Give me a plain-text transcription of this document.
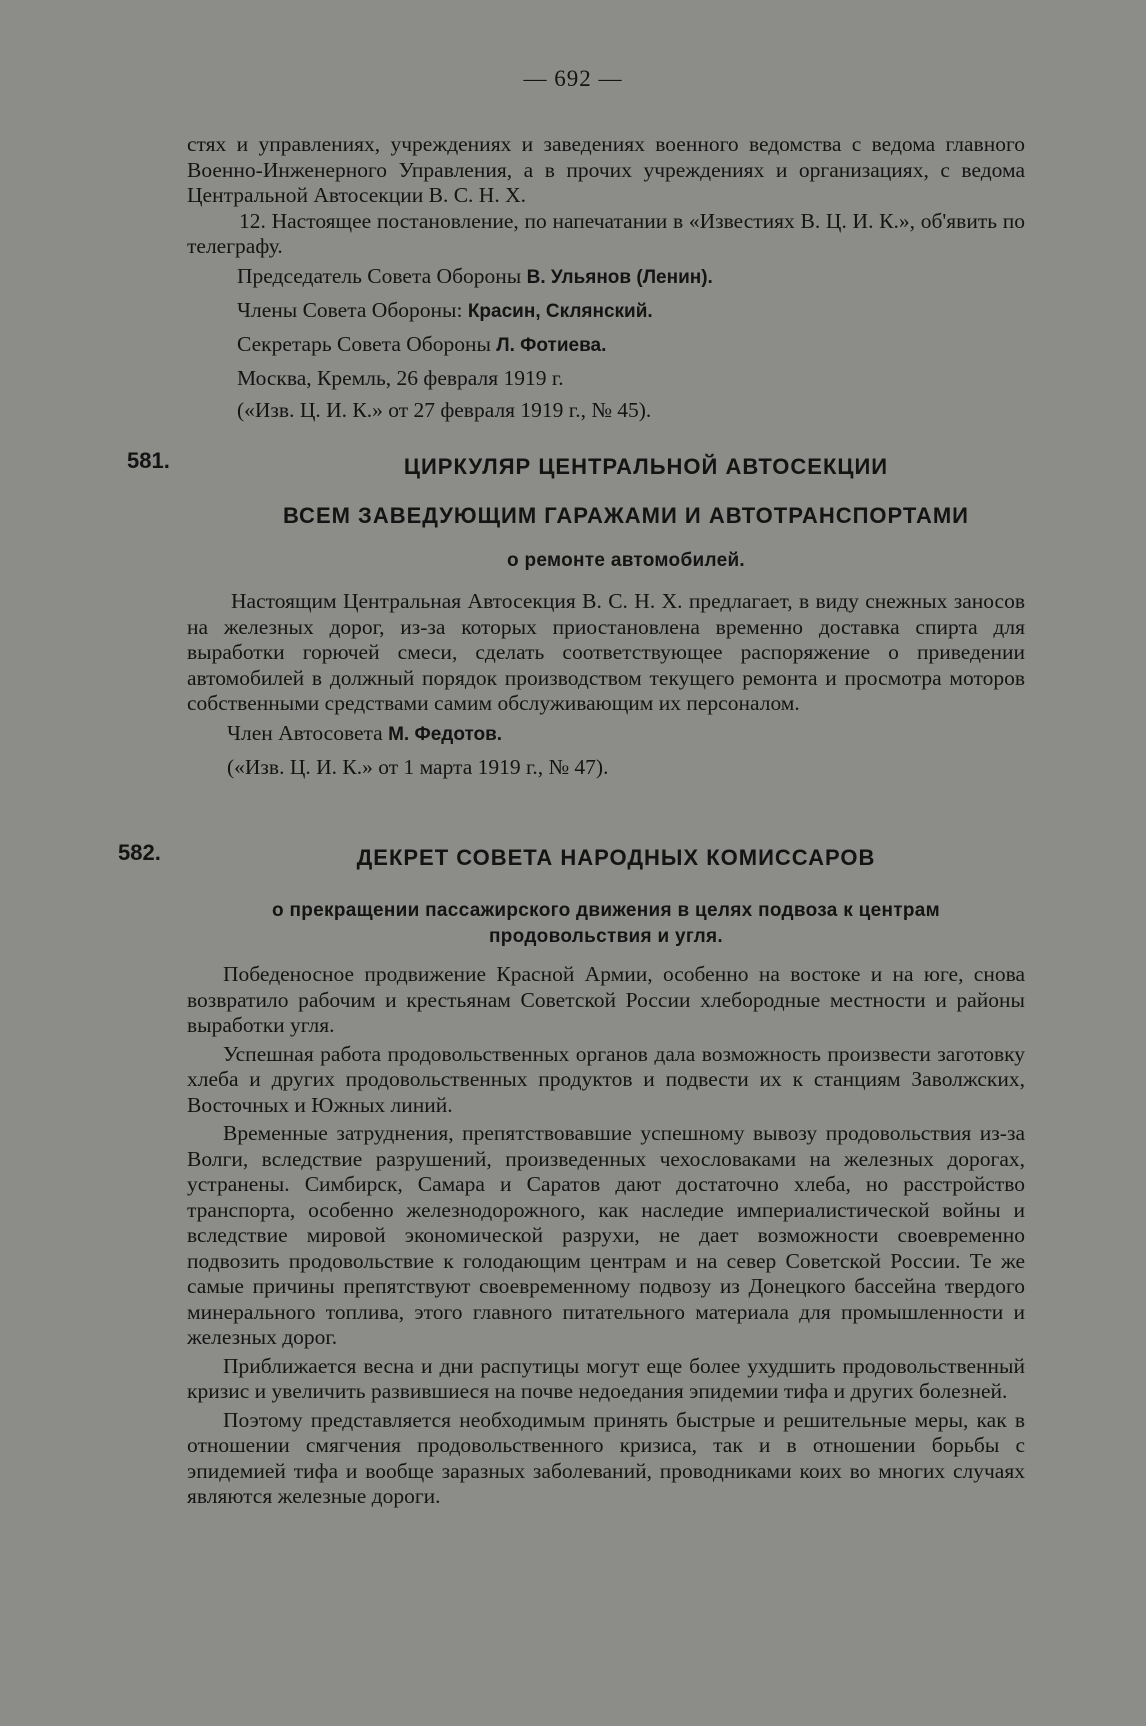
— 692 —

стях и управлениях, учреждениях и заведениях военного ведомства с ведома главного Военно-Инженерного Управления, а в прочих учреждениях и организациях, с ведома Центральной Автосекции В. С. Н. X.

12. Настоящее постановление, по напечатании в «Известиях В. Ц. И. К.», об'явить по телеграфу.

Председатель Совета Обороны В. Ульянов (Ленин).

Члены Совета Обороны: Красин, Склянский.

Секретарь Совета Обороны Л. Фотиева.

Москва, Кремль, 26 февраля 1919 г.

(«Изв. Ц. И. К.» от 27 февраля 1919 г., № 45).

581.	ЦИРКУЛЯР ЦЕНТРАЛЬНОЙ АВТОСЕКЦИИ
ВСЕМ ЗАВЕДУЮЩИМ ГАРАЖАМИ И АВТОТРАНСПОРТАМИ
о ремонте автомобилей.

Настоящим Центральная Автосекция В. С. Н. X. предлагает, в виду снежных заносов на железных дорог, из-за которых приостановлена временно доставка спирта для выработки горючей смеси, сделать соответствующее распоряжение о приведении автомобилей в должный порядок производством текущего ремонта и просмотра моторов собственными средствами самим обслуживающим их персоналом.

Член Автосовета М. Федотов.

(«Изв. Ц. И. К.» от 1 марта 1919 г., № 47).

582.	ДЕКРЕТ СОВЕТА НАРОДНЫХ КОМИССАРОВ
о прекращении пассажирского движения в целях подвоза к центрам
продовольствия и угля.

Победеносное продвижение Красной Армии, особенно на востоке и на юге, снова возвратило рабочим и крестьянам Советской России хлебородные местности и районы выработки угля.

Успешная работа продовольственных органов дала возможность произвести заготовку хлеба и других продовольственных продуктов и подвести их к станциям Заволжских, Восточных и Южных линий.

Временные затруднения, препятствовавшие успешному вывозу продовольствия из-за Волги, вследствие разрушений, произведенных чехословаками на железных дорогах, устранены. Симбирск, Самара и Саратов дают достаточно хлеба, но расстройство транспорта, особенно железнодорожного, как наследие империалистической войны и вследствие мировой экономической разрухи, не дает возможности своевременно подвозить продовольствие к голодающим центрам и на север Советской России. Те же самые причины препятствуют своевременному подвозу из Донецкого бассейна твердого минерального топлива, этого главного питательного материала для промышленности и железных дорог.

Приближается весна и дни распутицы могут еще более ухудшить продовольственный кризис и увеличить развившиеся на почве недоедания эпидемии тифа и других болезней.

Поэтому представляется необходимым принять быстрые и решительные меры, как в отношении смягчения продовольственного кризиса, так и в отношении борьбы с эпидемией тифа и вообще заразных заболеваний, проводниками коих во многих случаях являются железные дороги.
